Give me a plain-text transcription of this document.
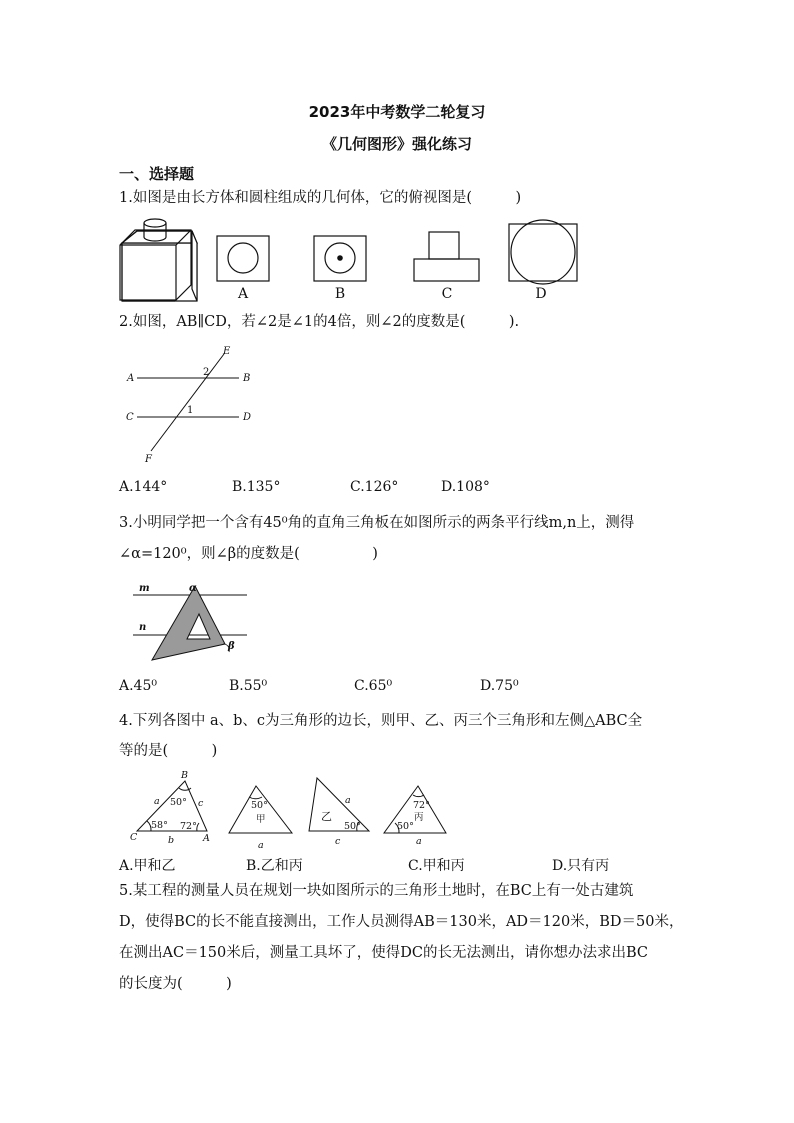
2023年中考数学二轮复习
《几何图形》强化练习
一、选择题
1.如图是由长方体和圆柱组成的几何体，它的俯视图是(　　　)
A	B	C	D
2.如图，AB∥CD，若∠2是∠1的4倍，则∠2的度数是(　　　).
A	B
C	D
E
F
2
1
A.144°	B.135°	C.126°	D.108°
3.小明同学把一个含有45⁰角的直角三角板在如图所示的两条平行线m,n上，测得
∠α=120⁰，则∠β的度数是(　　　　　)
m
n
α
β
A.45⁰	B.55⁰	C.65⁰	D.75⁰
4.下列各图中 a、b、c为三角形的边长，则甲、乙、丙三个三角形和左侧△ABC全
等的是(　　　)
B
C	A
a	c
b
50°
58° 72°
50°
甲
a
a
乙
50°
c
72°
丙
50°
a
A.甲和乙	B.乙和丙	C.甲和丙	D.只有丙
5.某工程的测量人员在规划一块如图所示的三角形土地时，在BC上有一处古建筑
D，使得BC的长不能直接测出，工作人员测得AB＝130米，AD＝120米，BD＝50米，
在测出AC＝150米后，测量工具坏了，使得DC的长无法测出，请你想办法求出BC
的长度为(　　　)
